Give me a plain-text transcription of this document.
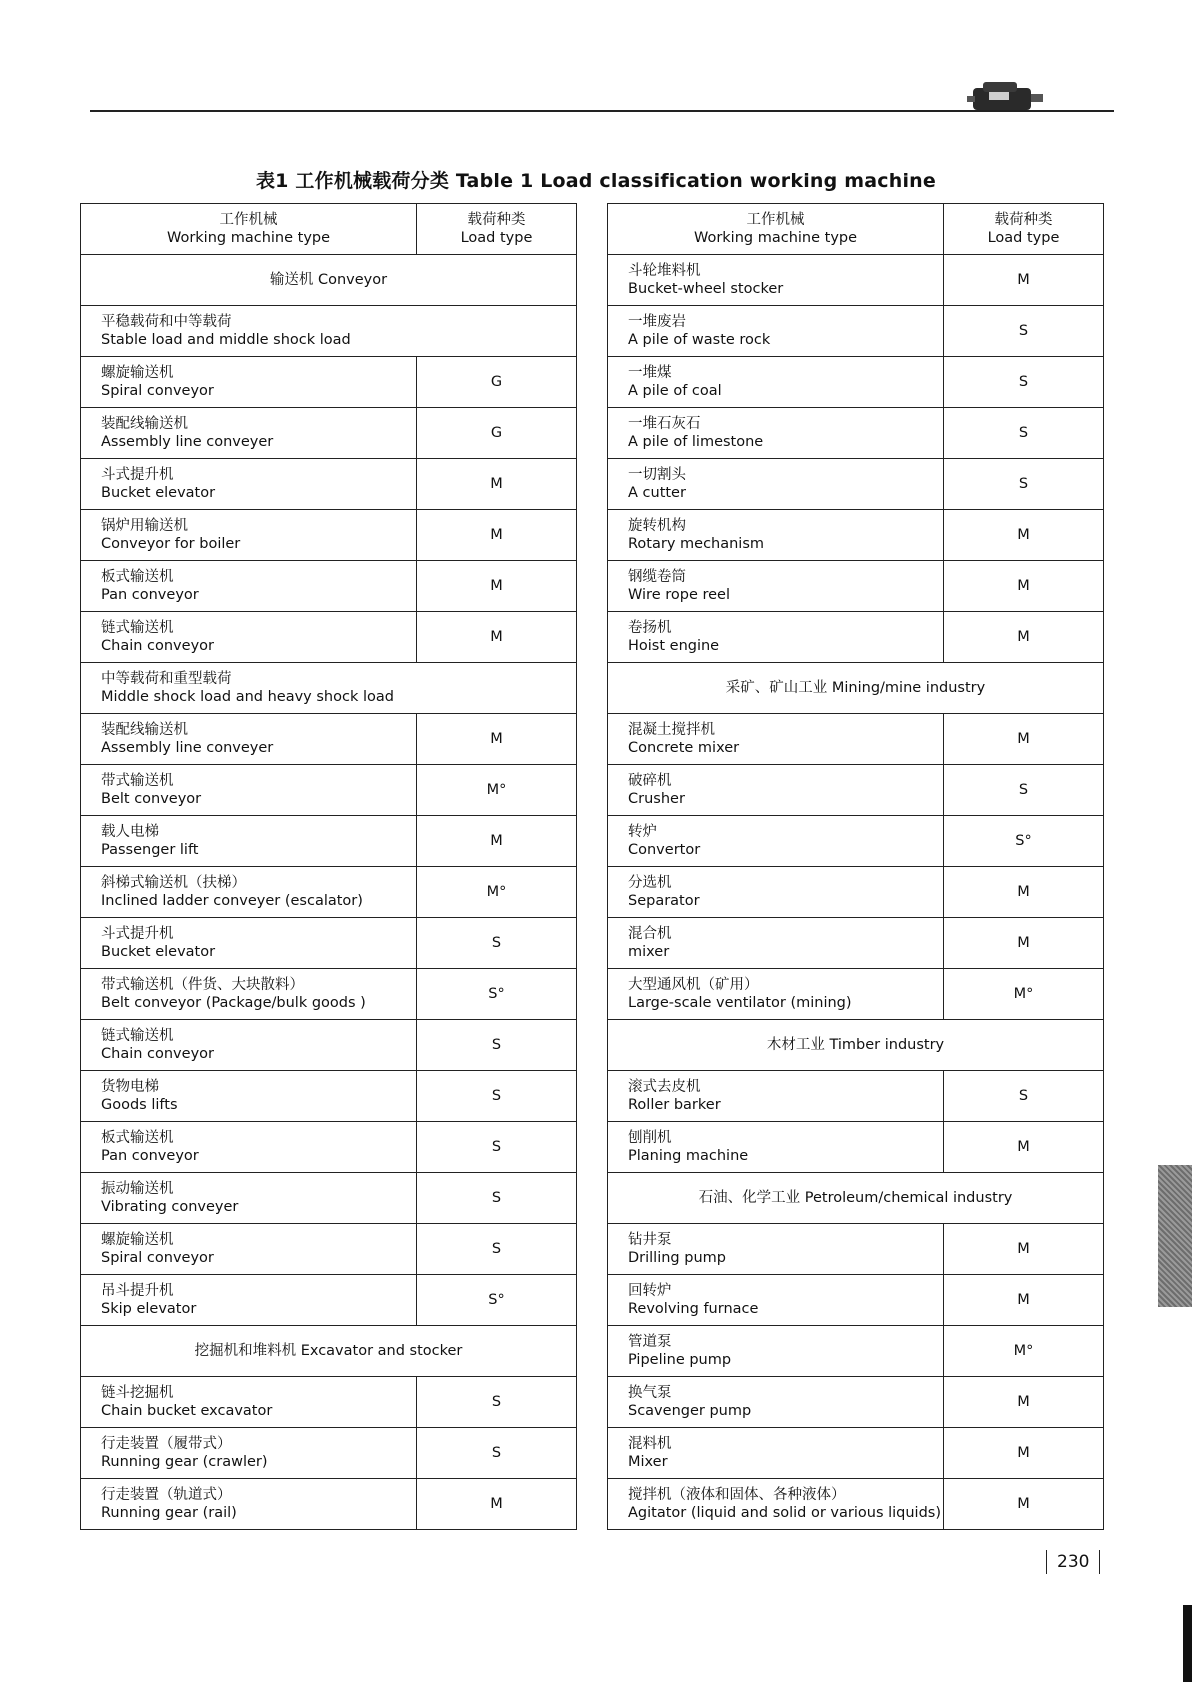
表1 工作机械载荷分类 Table 1 Load classification working machine
工作机械
Working machine type	载荷种类
Load type

输送机 Conveyor	

平稳载荷和中等载荷
Stable load and middle shock load	

螺旋输送机
Spiral conveyor	G

装配线输送机
Assembly line conveyer	G

斗式提升机
Bucket elevator	M

锅炉用输送机
Conveyor for boiler	M

板式输送机
Pan conveyor	M

链式输送机
Chain conveyor	M

中等载荷和重型载荷
Middle shock load and heavy shock load	

装配线输送机
Assembly line conveyer	M

带式输送机
Belt conveyor	M°

载人电梯
Passenger lift	M

斜梯式输送机（扶梯）
Inclined ladder conveyer (escalator)	M°

斗式提升机
Bucket elevator	S

带式输送机（件货、大块散料）
Belt conveyor (Package/bulk goods )	S°

链式输送机
Chain conveyor	S

货物电梯
Goods lifts	S

板式输送机
Pan conveyor	S

振动输送机
Vibrating conveyer	S

螺旋输送机
Spiral conveyor	S

吊斗提升机
Skip elevator	S°
挖掘机和堆料机 Excavator and stocker	

链斗挖掘机
Chain bucket excavator	S

行走装置（履带式）
Running gear (crawler)	S

行走装置（轨道式）
Running gear (rail)	M
工作机械
Working machine type	载荷种类
Load type

斗轮堆料机
Bucket-wheel stocker	M

一堆废岩
A pile of waste rock	S

一堆煤
A pile of coal	S

一堆石灰石
A pile of limestone	S

一切割头
A cutter	S

旋转机构
Rotary mechanism	M

钢缆卷筒
Wire rope reel	M

卷扬机
Hoist engine	M
采矿、矿山工业 Mining/mine industry	

混凝土搅拌机
Concrete mixer	M

破碎机
Crusher	S

转炉
Convertor	S°

分选机
Separator	M

混合机
mixer	M

大型通风机（矿用）
Large-scale ventilator (mining)	M°
木材工业 Timber industry	

滚式去皮机
Roller barker	S

刨削机
Planing machine	M
石油、化学工业 Petroleum/chemical industry	

钻井泵
Drilling pump	M

回转炉
Revolving furnace	M

管道泵
Pipeline pump	M°

换气泵
Scavenger pump	M

混料机
Mixer	M

搅拌机（液体和固体、各种液体）
Agitator (liquid and solid or various liquids)	M
230
